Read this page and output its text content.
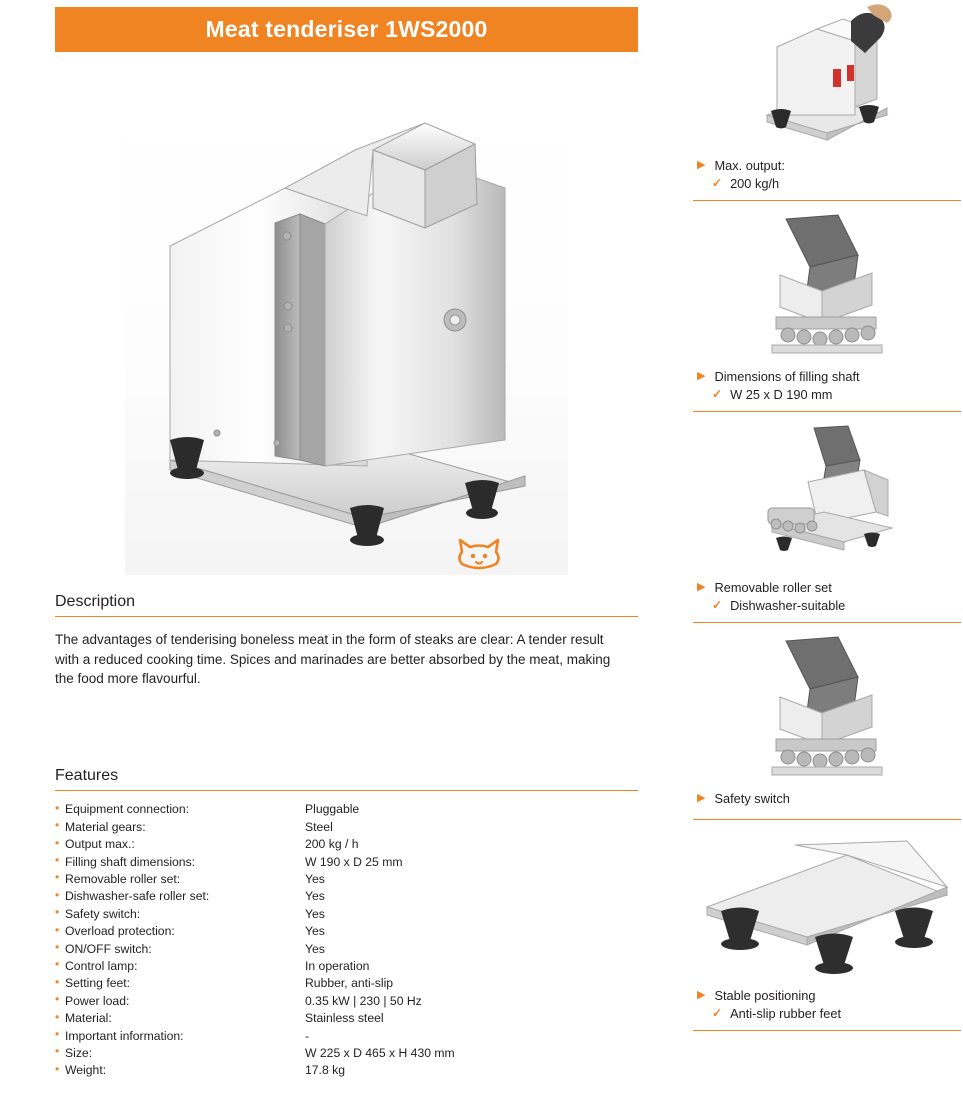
Meat tenderiser 1WS2000
Description
The advantages of tenderising boneless meat in the form of steaks are clear: A tender result with a reduced cooking time. Spices and marinades are better absorbed by the meat, making the food more flavourful.
Features
• Equipment connection:	Pluggable
• Material gears:	Steel
• Output max.:	200 kg / h
• Filling shaft dimensions:	W 190 x D 25 mm
• Removable roller set:	Yes
• Dishwasher-safe roller set:	Yes
• Safety switch:	Yes
• Overload protection:	Yes
• ON/OFF switch:	Yes
• Control lamp:	In operation
• Setting feet:	Rubber, anti-slip
• Power load:	0.35 kW | 230 | 50 Hz
• Material:	Stainless steel
• Important information:	-
• Size:	W 225 x D 465 x H 430 mm
• Weight:	17.8 kg
▶ Max. output:
✓ 200 kg/h
▶ Dimensions of filling shaft
✓ W 25 x D 190 mm
▶ Removable roller set
✓ Dishwasher-suitable
▶ Safety switch
▶ Stable positioning
✓ Anti-slip rubber feet
